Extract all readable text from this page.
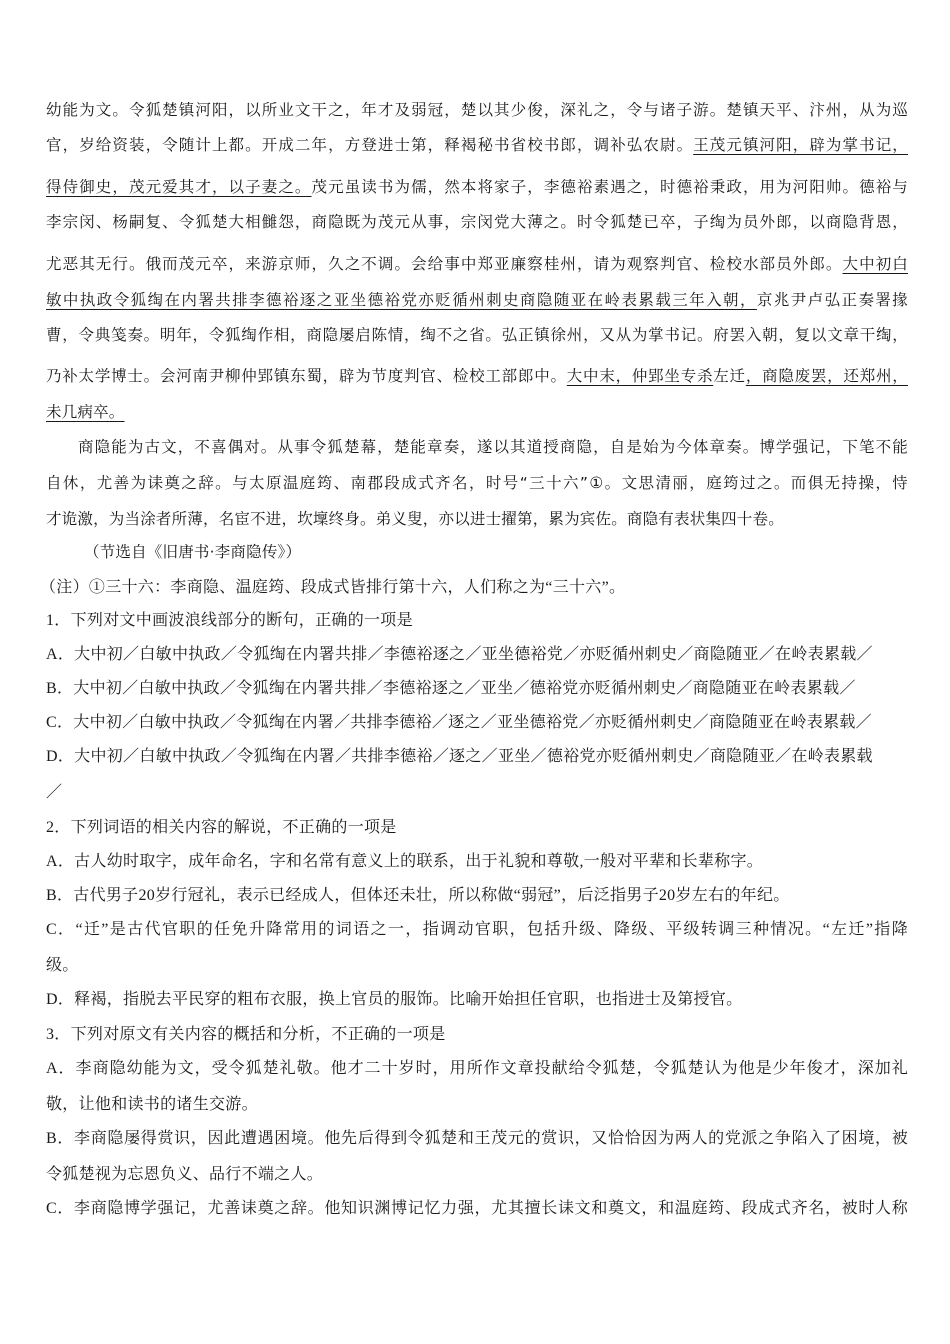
幼能为文。令狐楚镇河阳，以所业文干之，年才及弱冠，楚以其少俊，深礼之，令与诸子游。楚镇天平、汴州，从为巡
官，岁给资装，令随计上都。开成二年，方登进士第，释褐秘书省校书郎，调补弘农尉。王茂元镇河阳，辟为掌书记，
得侍御史，茂元爱其才，以子妻之。茂元虽读书为儒，然本将家子，李德裕素遇之，时德裕秉政，用为河阳帅。德裕与
李宗闵、杨嗣复、令狐楚大相雠怨，商隐既为茂元从事，宗闵党大薄之。时令狐楚已卒，子绹为员外郎，以商隐背恩，
尤恶其无行。俄而茂元卒，来游京师，久之不调。会给事中郑亚廉察桂州，请为观察判官、检校水部员外郎。大中初白
敏中执政令狐绹在内署共排李德裕逐之亚坐德裕党亦贬循州刺史商隐随亚在岭表累载三年入朝，京兆尹卢弘正奏署掾
曹，令典笺奏。明年，令狐绹作相，商隐屡启陈情，绹不之省。弘正镇徐州，又从为掌书记。府罢入朝，复以文章干绹，
乃补太学博士。会河南尹柳仲郢镇东蜀，辟为节度判官、检校工部郎中。大中末，仲郢坐专杀左迁，商隐废罢，还郑州，
未几病卒。
商隐能为古文，不喜偶对。从事令狐楚幕，楚能章奏，遂以其道授商隐，自是始为今体章奏。博学强记，下笔不能
自休，尤善为诔奠之辞。与太原温庭筠、南郡段成式齐名，时号“三十六”①。文思清丽，庭筠过之。而俱无持操，恃
才诡激，为当涂者所薄，名宦不进，坎壈终身。弟义叟，亦以进士擢第，累为宾佐。商隐有表状集四十卷。
（节选自《旧唐书·李商隐传》）
（注）①三十六：李商隐、温庭筠、段成式皆排行第十六，人们称之为“三十六”。
1．下列对文中画波浪线部分的断句，正确的一项是
A．大中初／白敏中执政／令狐绹在内署共排／李德裕逐之／亚坐德裕党／亦贬循州刺史／商隐随亚／在岭表累载／
B．大中初／白敏中执政／令狐绹在内署共排／李德裕逐之／亚坐／德裕党亦贬循州刺史／商隐随亚在岭表累载／
C．大中初／白敏中执政／令狐绹在内署／共排李德裕／逐之／亚坐德裕党／亦贬循州刺史／商隐随亚在岭表累载／
D．大中初／白敏中执政／令狐绹在内署／共排李德裕／逐之／亚坐／德裕党亦贬循州刺史／商隐随亚／在岭表累载
／
2．下列词语的相关内容的解说，不正确的一项是
A．古人幼时取字，成年命名，字和名常有意义上的联系，出于礼貌和尊敬,一般对平辈和长辈称字。
B．古代男子20岁行冠礼，表示已经成人，但体还未壮，所以称做“弱冠”，后泛指男子20岁左右的年纪。
C．“迁”是古代官职的任免升降常用的词语之一，指调动官职，包括升级、降级、平级转调三种情况。“左迁”指降
级。
D．释褐，指脱去平民穿的粗布衣服，换上官员的服饰。比喻开始担任官职，也指进士及第授官。
3．下列对原文有关内容的概括和分析，不正确的一项是
A．李商隐幼能为文，受令狐楚礼敬。他才二十岁时，用所作文章投献给令狐楚，令狐楚认为他是少年俊才，深加礼
敬，让他和读书的诸生交游。
B．李商隐屡得赏识，因此遭遇困境。他先后得到令狐楚和王茂元的赏识，又恰恰因为两人的党派之争陷入了困境，被
令狐楚视为忘恩负义、品行不端之人。
C．李商隐博学强记，尤善诔奠之辞。他知识渊博记忆力强，尤其擅长诔文和奠文，和温庭筠、段成式齐名，被时人称
